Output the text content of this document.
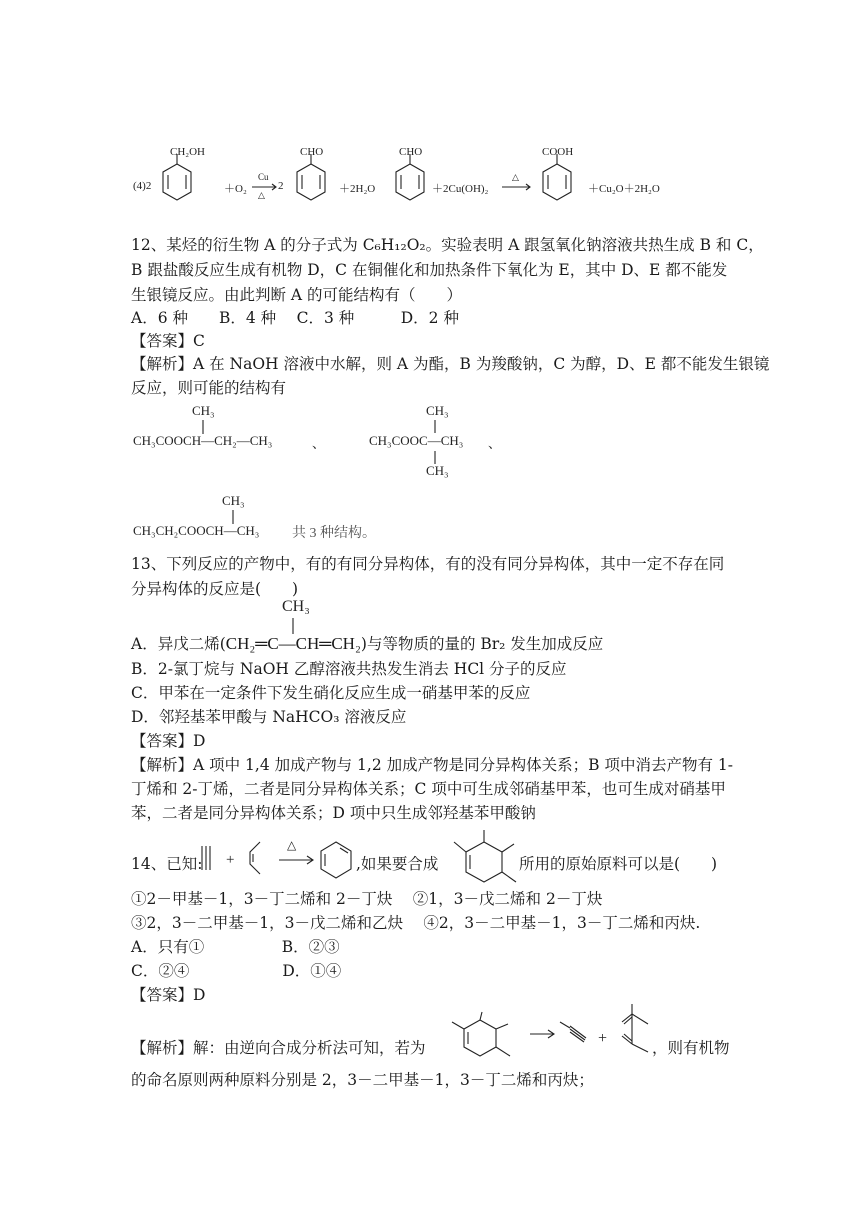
(4)2
CH₂OH
＋O₂
Cu
△
2
CHO
＋2H₂O
CHO
＋2Cu(OH)₂
△
COOH
＋Cu₂O＋2H₂O
12、某烃的衍生物 A 的分子式为 C₆H₁₂O₂。实验表明 A 跟氢氧化钠溶液共热生成 B 和 C，
B 跟盐酸反应生成有机物 D，C 在铜催化和加热条件下氧化为 E，其中 D、E 都不能发
生银镜反应。由此判断 A 的可能结构有（　　）
A．6 种　　B．4 种　 C．3 种　　　D．2 种
【答案】C
【解析】A 在 NaOH 溶液中水解，则 A 为酯，B 为羧酸钠，C 为醇，D、E 都不能发生银镜
反应，则可能的结构有
CH₃
CH₃COOCH—CH₂—CH₃	、
CH₃
CH₃COOC—CH₃
CH₃
、
CH₃
CH₃CH₂COOCH—CH₃ 共 3 种结构。
13、下列反应的产物中，有的有同分异构体，有的没有同分异构体，其中一定不存在同
分异构体的反应是(　　)
CH₃
A．异戊二烯(CH₂═C—CH═CH₂)与等物质的量的 Br₂ 发生加成反应
B．2-氯丁烷与 NaOH 乙醇溶液共热发生消去 HCl 分子的反应
C．甲苯在一定条件下发生硝化反应生成一硝基甲苯的反应
D．邻羟基苯甲酸与 NaHCO₃ 溶液反应
【答案】D
【解析】A 项中 1,4 加成产物与 1,2 加成产物是同分异构体关系；B 项中消去产物有 1-
丁烯和 2-丁烯，二者是同分异构体关系；C 项中可生成邻硝基甲苯，也可生成对硝基甲
苯，二者是同分异构体关系；D 项中只生成邻羟基苯甲酸钠
14、已知: +
△
,如果要合成	所用的原始原料可以是(　　)
①2－甲基－1，3－丁二烯和 2－丁炔　 ②1，3－戊二烯和 2－丁炔
③2，3－二甲基－1，3－戊二烯和乙炔　 ④2，3－二甲基－1，3－丁二烯和丙炔.
A．只有①　　　　　B．②③
C．②④　　　　　　D．①④
【答案】D
【解析】解：由逆向合成分析法可知，若为
+
，则有机物
的命名原则两种原料分别是 2，3－二甲基－1，3－丁二烯和丙炔；
